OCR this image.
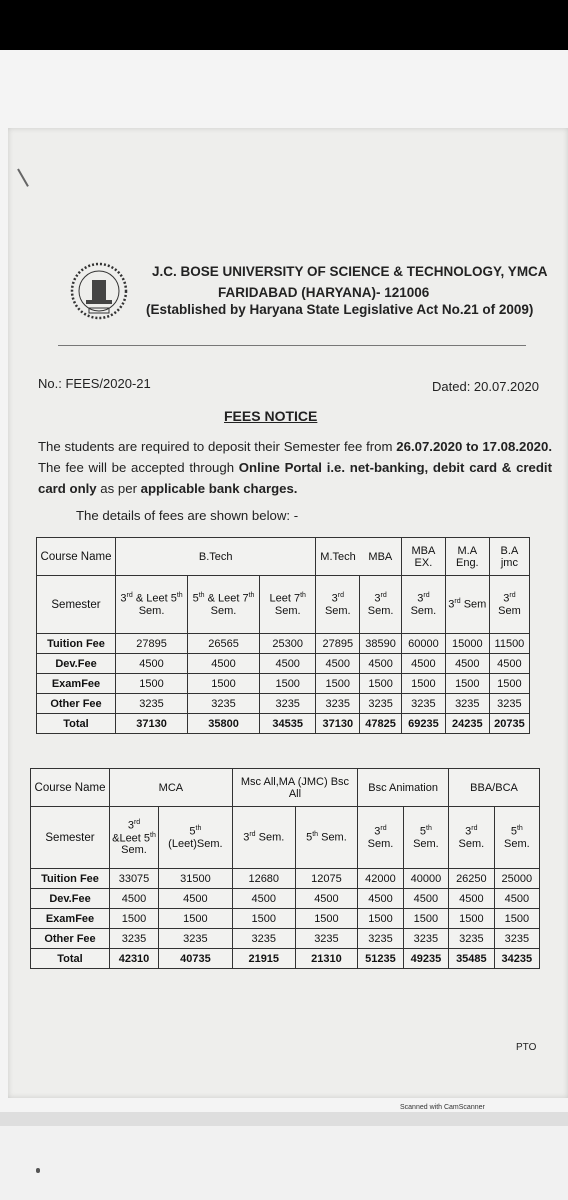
J.C. BOSE UNIVERSITY OF SCIENCE & TECHNOLOGY, YMCA
FARIDABAD (HARYANA)- 121006
(Established by Haryana State Legislative Act No.21 of 2009)
No.: FEES/2020-21	Dated: 20.07.2020
FEES NOTICE
The students are required to deposit their Semester fee from 26.07.2020 to 17.08.2020. The fee will be accepted through Online Portal i.e. net-banking, debit card & credit card only as per applicable bank charges.
The details of fees are shown below: -
Course Name	B.Tech			M.Tech	MBA	MBA EX.	M.A Eng.	B.A jmc
Semester	3rd & Leet 5th Sem.	5th & Leet 7th Sem.	Leet 7th Sem.	3rd Sem.	3rd Sem.	3rd Sem.	3rd Sem	3rd Sem
Tuition Fee	27895	26565	25300	27895	38590	60000	15000	11500
Dev.Fee	4500	4500	4500	4500	4500	4500	4500	4500
ExamFee	1500	1500	1500	1500	1500	1500	1500	1500
Other Fee	3235	3235	3235	3235	3235	3235	3235	3235
Total	37130	35800	34535	37130	47825	69235	24235	20735
Course Name	MCA		Msc All,MA (JMC) Bsc All		Bsc Animation		BBA/BCA	
Semester	3rd &Leet 5th Sem.	5th (Leet)Sem.	3rd Sem.	5th Sem.	3rd Sem.	5th Sem.	3rd Sem.	5th Sem.
Tuition Fee	33075	31500	12680	12075	42000	40000	26250	25000
Dev.Fee	4500	4500	4500	4500	4500	4500	4500	4500
ExamFee	1500	1500	1500	1500	1500	1500	1500	1500
Other Fee	3235	3235	3235	3235	3235	3235	3235	3235
Total	42310	40735	21915	21310	51235	49235	35485	34235
PTO
Scanned with CamScanner
